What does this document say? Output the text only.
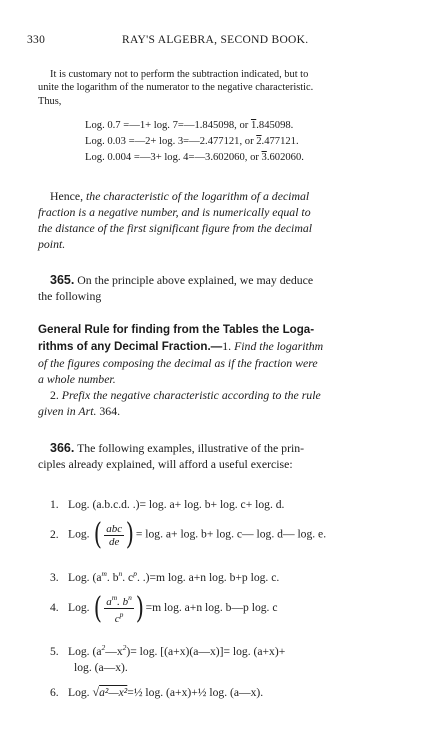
330	RAY'S ALGEBRA, SECOND BOOK.
It is customary not to perform the subtraction indicated, but to
unite the logarithm of the numerator to the negative characteristic.
Thus,
Log. 0.7 =—1+ log. 7=—1.845098, or 1.845098.
Log. 0.03 =—2+ log. 3=—2.477121, or 2.477121.
Log. 0.004 =—3+ log. 4=—3.602060, or 3.602060.
Hence, the characteristic of the logarithm of a decimal
fraction is a negative number, and is numerically equal to
the distance of the first significant figure from the decimal
point.
365. On the principle above explained, we may deduce
the following
General Rule for finding from the Tables the Loga-
rithms of any Decimal Fraction.—1. Find the logarithm
of the figures composing the decimal as if the fraction were
a whole number.
2. Prefix the negative characteristic according to the rule
given in Art. 364.
366. The following examples, illustrative of the prin-
ciples already explained, will afford a useful exercise:
1. Log. (a.b.c.d. .)= log. a+ log. b+ log. c+ log. d.
2. Log. ( $\frac{\text{abc}}{de}$ ) = log. a+ log. b+ log. c— log. d— log. e.
3. Log. ($a^m$. $b^n$. $c^p$. .)=m log. a+n log. b+p log. c.
4. Log. ( $\frac{a^m. b^n}{c^p}$ ) =m log. a+n log. b—p log. c
5. Log. $(a^2—x^2)= \log$. [(a+x)(a—x)]= log. (a+x)+
log. (a—x).
6. Log. √a²—x²=½ log. (a+x)+½ log. (a—x).
